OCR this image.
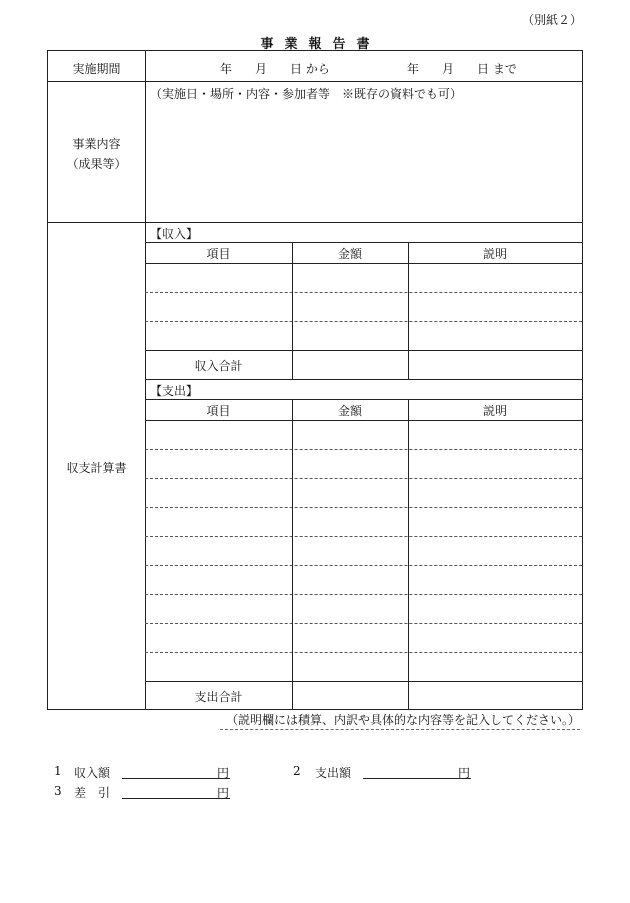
（別紙２）
事業報告書
実施期間	年 月 日 から	年 月 日 まで
事業内容
（成果等）
（実施日・場所・内容・参加者等　※既存の資料でも可）
収支計算書
【収入】
項目	金額	説明
収入合計
【支出】
項目	金額	説明
支出合計
（説明欄には積算、内訳や具体的な内容等を記入してください。）
1 収入額	円	2 支出額	円
3 差　引	円
